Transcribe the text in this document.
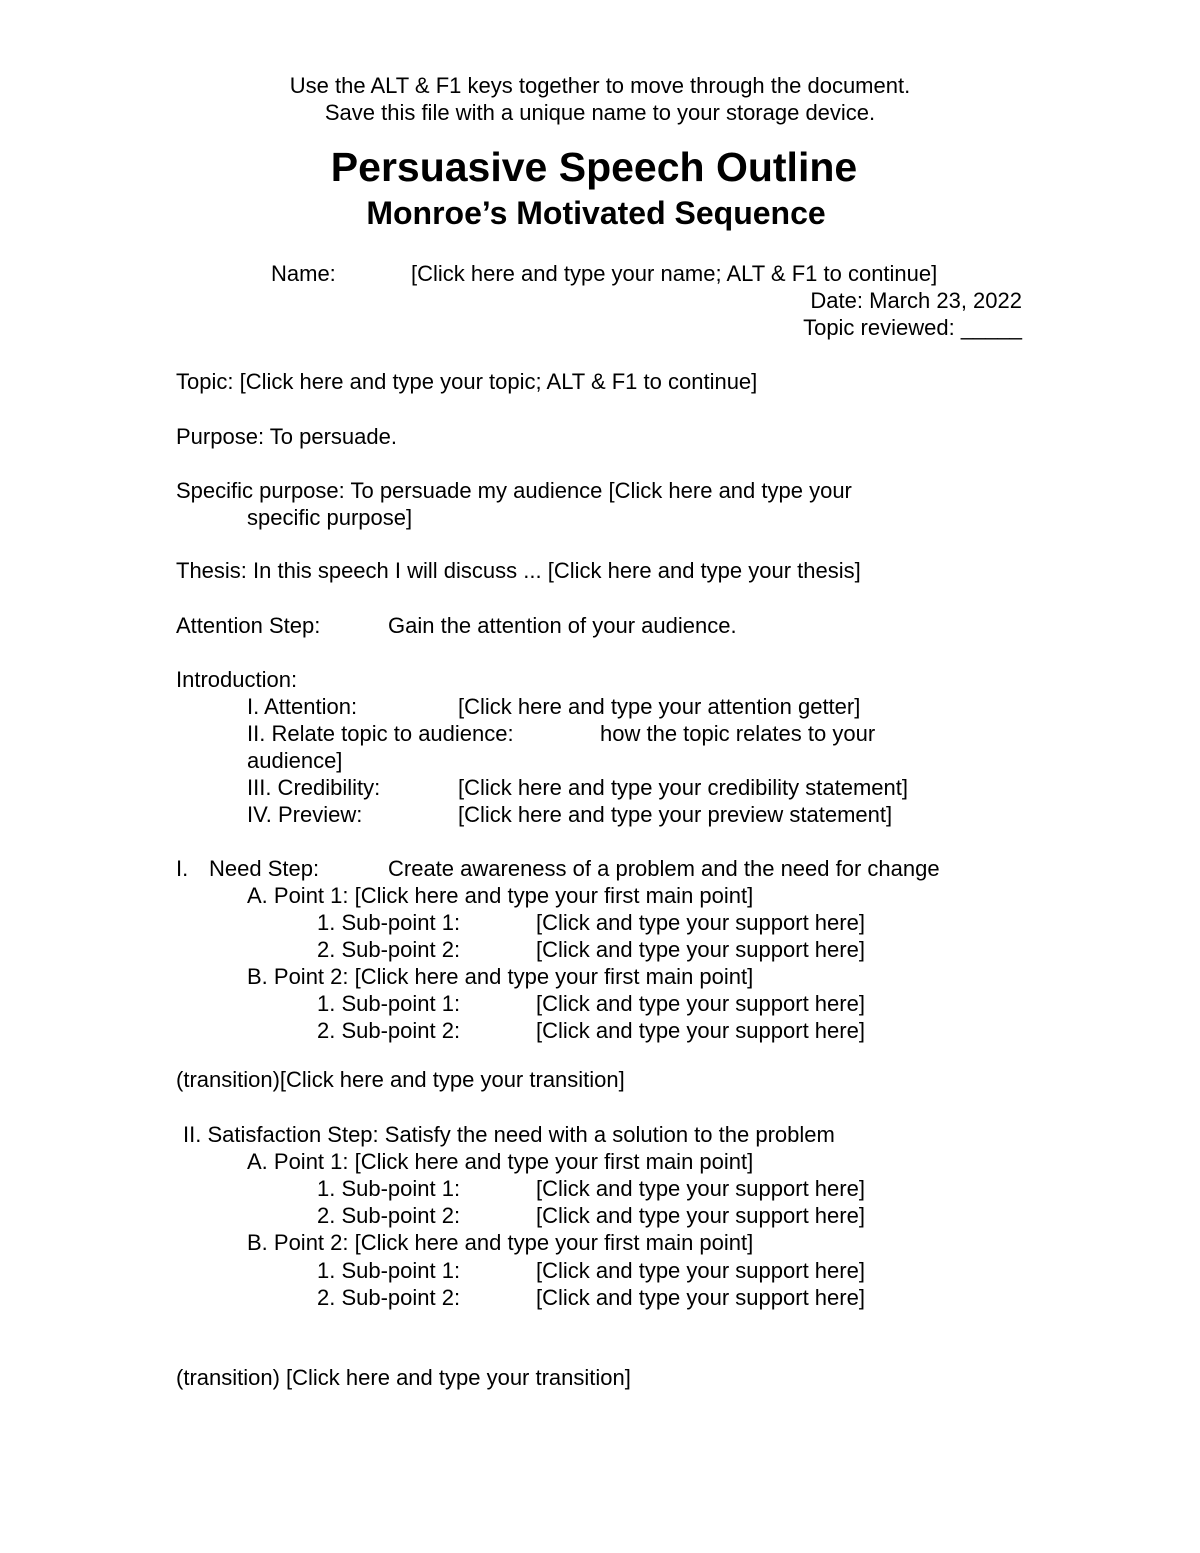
Use the ALT & F1 keys together to move through the document.
Save this file with a unique name to your storage device.
Persuasive Speech Outline
Monroe’s Motivated Sequence
Name:	[Click here and type your name; ALT & F1 to continue]
Date: March 23, 2022
Topic reviewed: _____
Topic: [Click here and type your topic; ALT & F1 to continue]
Purpose: To persuade.
Specific purpose: To persuade my audience [Click here and type your
specific purpose]
Thesis: In this speech I will discuss ... [Click here and type your thesis]
Attention Step:	Gain the attention of your audience.
Introduction:
I. Attention:	[Click here and type your attention getter]
II. Relate topic to audience:	how the topic relates to your
audience]
III. Credibility:	[Click here and type your credibility statement]
IV. Preview:	[Click here and type your preview statement]
I. Need Step:	Create awareness of a problem and the need for change
A. Point 1: [Click here and type your first main point]
1. Sub-point 1:	[Click and type your support here]
2. Sub-point 2:	[Click and type your support here]
B. Point 2: [Click here and type your first main point]
1. Sub-point 1:	[Click and type your support here]
2. Sub-point 2:	[Click and type your support here]
(transition)[Click here and type your transition]
II. Satisfaction Step: Satisfy the need with a solution to the problem
A. Point 1: [Click here and type your first main point]
1. Sub-point 1:	[Click and type your support here]
2. Sub-point 2:	[Click and type your support here]
B. Point 2: [Click here and type your first main point]
1. Sub-point 1:	[Click and type your support here]
2. Sub-point 2:	[Click and type your support here]
(transition) [Click here and type your transition]
